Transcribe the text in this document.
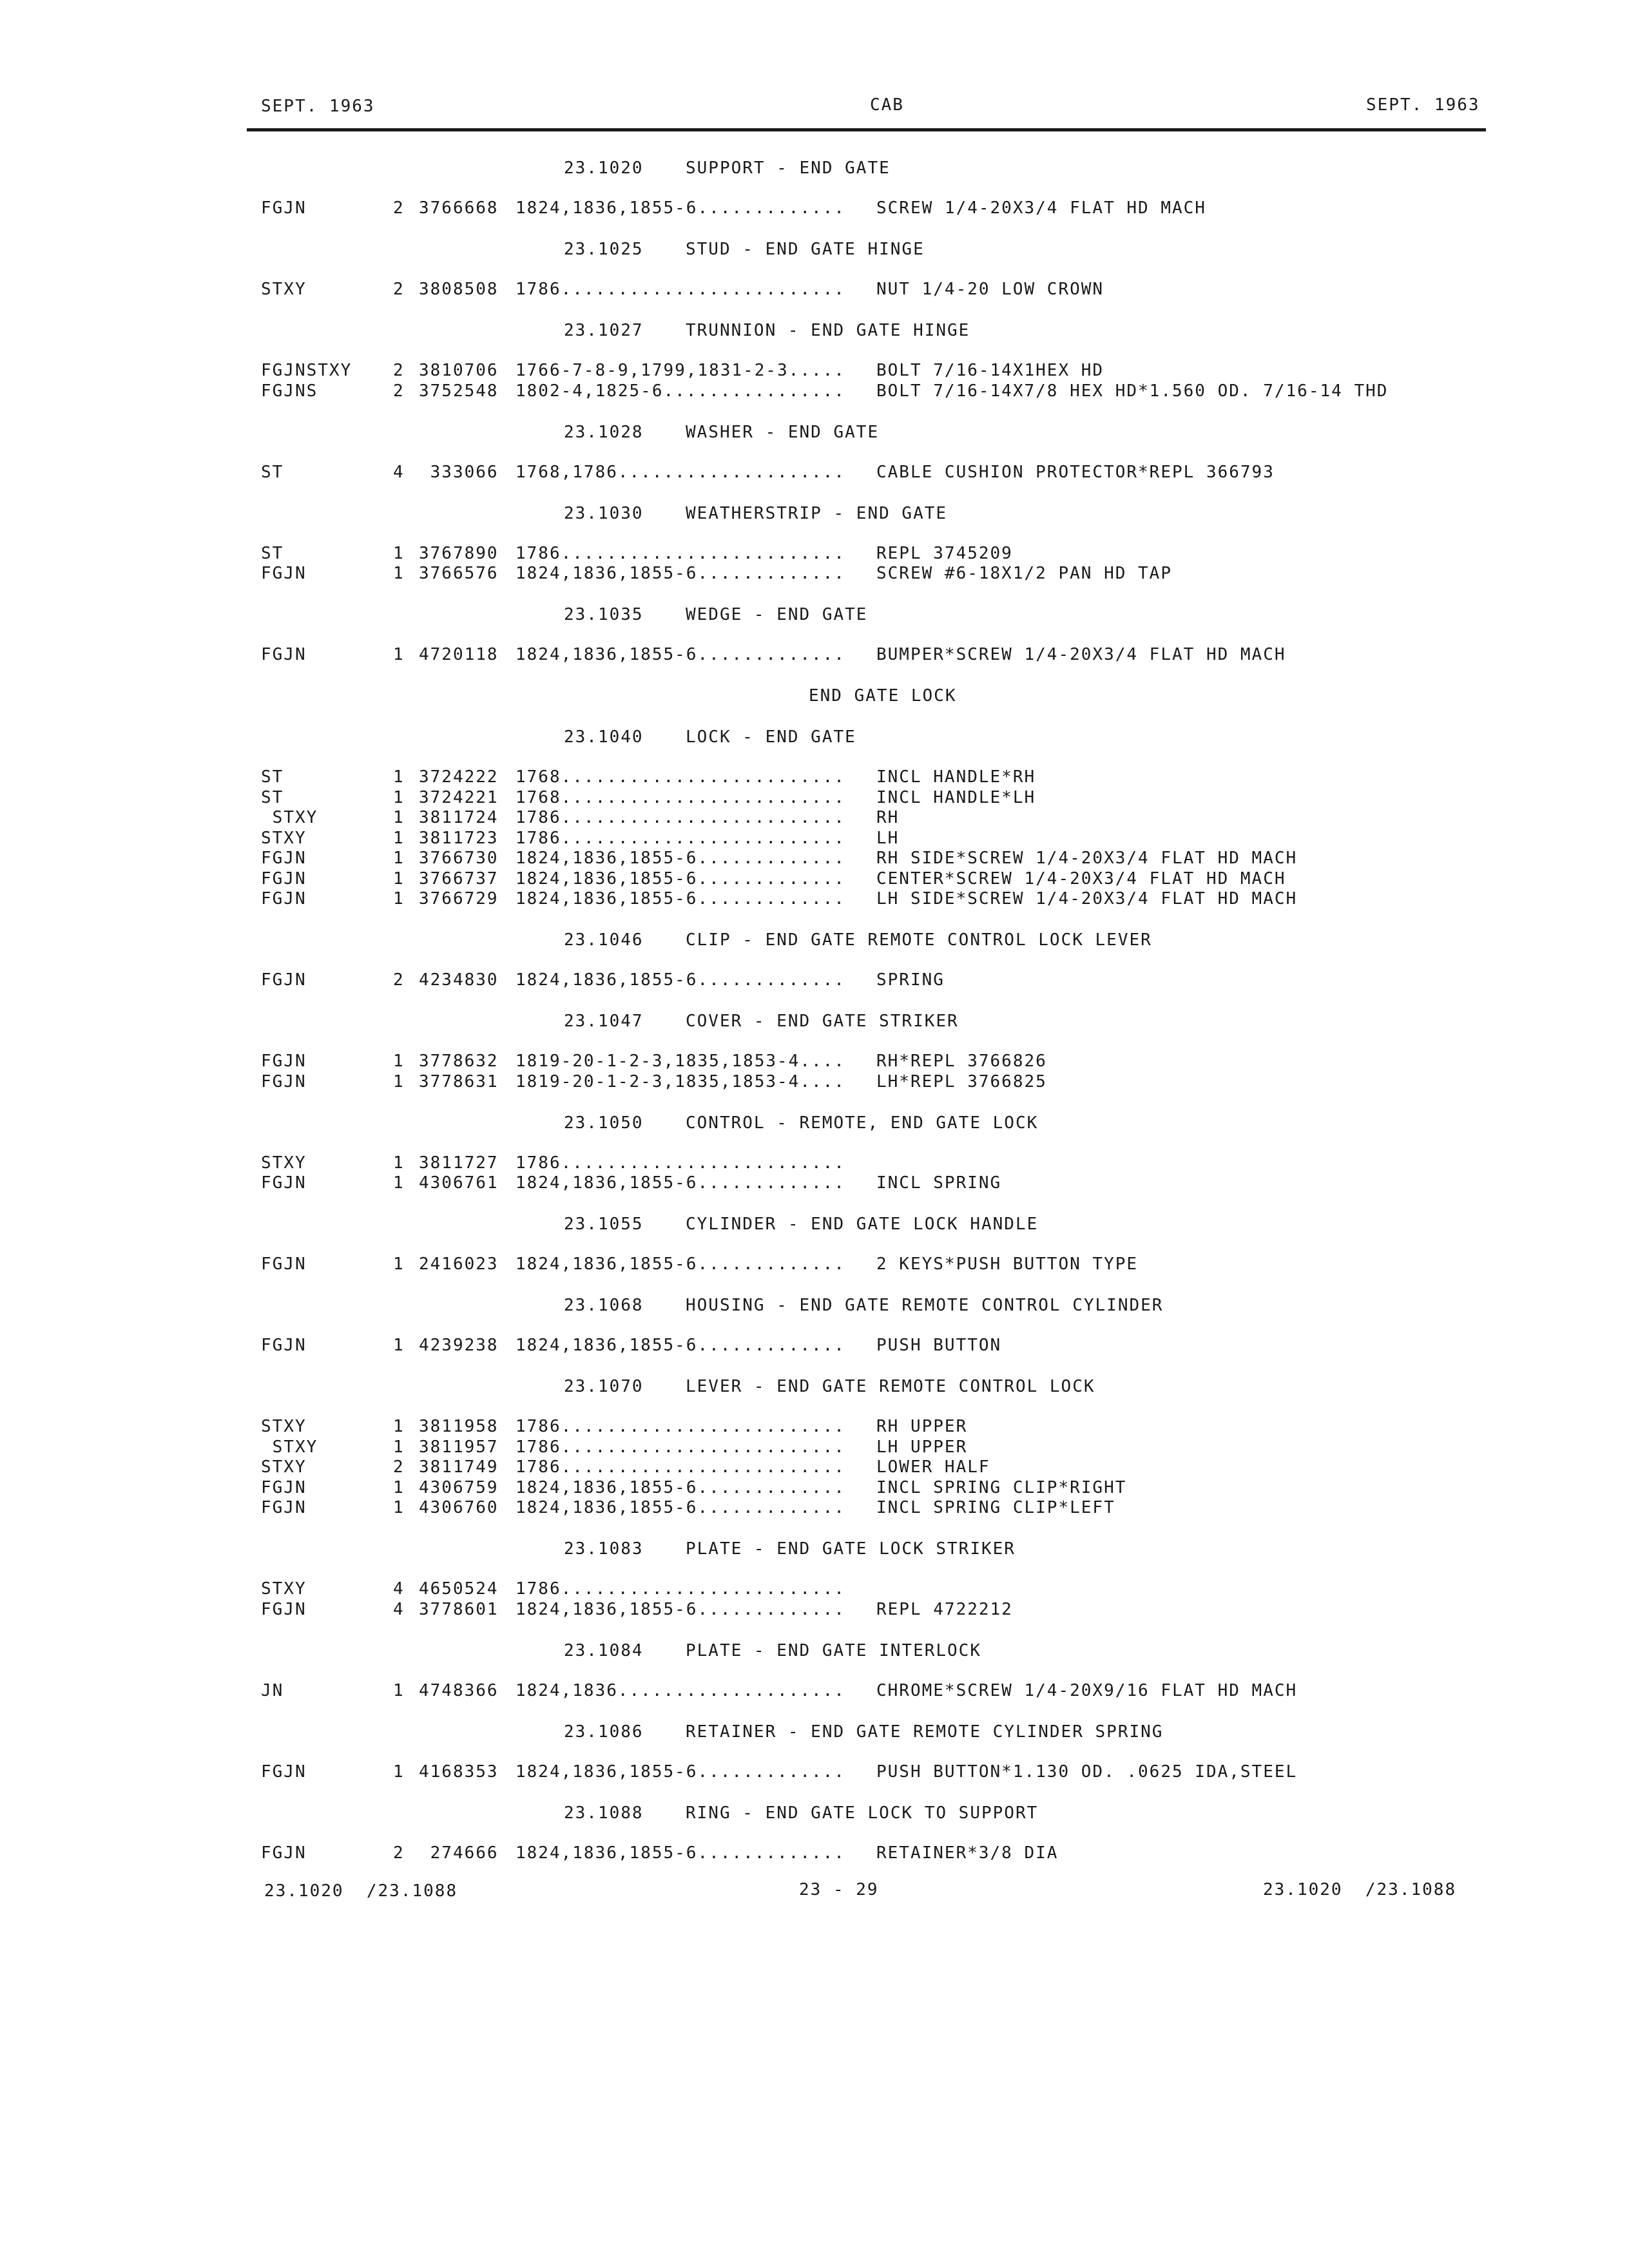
SEPT. 1963	CAB	SEPT. 1963
23.1020	SUPPORT - END GATE
FGJN	2 3766668 1824,1836,1855-6............. SCREW 1/4-20X3/4 FLAT HD MACH
23.1025	STUD - END GATE HINGE
STXY	2 3808508 1786......................... NUT 1/4-20 LOW CROWN
23.1027	TRUNNION - END GATE HINGE
FGJNSTXY 2 3810706 1766-7-8-9,1799,1831-2-3..... BOLT 7/16-14X1HEX HD
FGJNS	2 3752548 1802-4,1825-6................ BOLT 7/16-14X7/8 HEX HD*1.560 OD. 7/16-14 THD
23.1028	WASHER - END GATE
ST	4 333066 1768,1786.................... CABLE CUSHION PROTECTOR*REPL 366793
23.1030	WEATHERSTRIP - END GATE
ST	1 3767890 1786......................... REPL 3745209
FGJN	1 3766576 1824,1836,1855-6............. SCREW #6-18X1/2 PAN HD TAP
23.1035	WEDGE - END GATE
FGJN	1 4720118 1824,1836,1855-6............. BUMPER*SCREW 1/4-20X3/4 FLAT HD MACH
END GATE LOCK
23.1040	LOCK - END GATE
ST	1 3724222 1768......................... INCL HANDLE*RH
ST	1 3724221 1768......................... INCL HANDLE*LH
STXY	1 3811724 1786......................... RH
STXY	1 3811723 1786......................... LH
FGJN	1 3766730 1824,1836,1855-6............. RH SIDE*SCREW 1/4-20X3/4 FLAT HD MACH
FGJN	1 3766737 1824,1836,1855-6............. CENTER*SCREW 1/4-20X3/4 FLAT HD MACH
FGJN	1 3766729 1824,1836,1855-6............. LH SIDE*SCREW 1/4-20X3/4 FLAT HD MACH
23.1046	CLIP - END GATE REMOTE CONTROL LOCK LEVER
FGJN	2 4234830 1824,1836,1855-6............. SPRING
23.1047	COVER - END GATE STRIKER
FGJN	1 3778632 1819-20-1-2-3,1835,1853-4.... RH*REPL 3766826
FGJN	1 3778631 1819-20-1-2-3,1835,1853-4.... LH*REPL 3766825
23.1050	CONTROL - REMOTE, END GATE LOCK
STXY	1 3811727 1786.........................
FGJN	1 4306761 1824,1836,1855-6............. INCL SPRING
23.1055	CYLINDER - END GATE LOCK HANDLE
FGJN	1 2416023 1824,1836,1855-6............. 2 KEYS*PUSH BUTTON TYPE
23.1068	HOUSING - END GATE REMOTE CONTROL CYLINDER
FGJN	1 4239238 1824,1836,1855-6............. PUSH BUTTON
23.1070	LEVER - END GATE REMOTE CONTROL LOCK
STXY	1 3811958 1786......................... RH UPPER
STXY	1 3811957 1786......................... LH UPPER
STXY	2 3811749 1786......................... LOWER HALF
FGJN	1 4306759 1824,1836,1855-6............. INCL SPRING CLIP*RIGHT
FGJN	1 4306760 1824,1836,1855-6............. INCL SPRING CLIP*LEFT
23.1083	PLATE - END GATE LOCK STRIKER
STXY	4 4650524 1786.........................
FGJN	4 3778601 1824,1836,1855-6............. REPL 4722212
23.1084	PLATE - END GATE INTERLOCK
JN	1 4748366 1824,1836.................... CHROME*SCREW 1/4-20X9/16 FLAT HD MACH
23.1086	RETAINER - END GATE REMOTE CYLINDER SPRING
FGJN	1 4168353 1824,1836,1855-6............. PUSH BUTTON*1.130 OD. .0625 IDA,STEEL
23.1088	RING - END GATE LOCK TO SUPPORT
FGJN	2 274666 1824,1836,1855-6............. RETAINER*3/8 DIA
23.1020  /23.1088	23 - 29	23.1020  /23.1088
